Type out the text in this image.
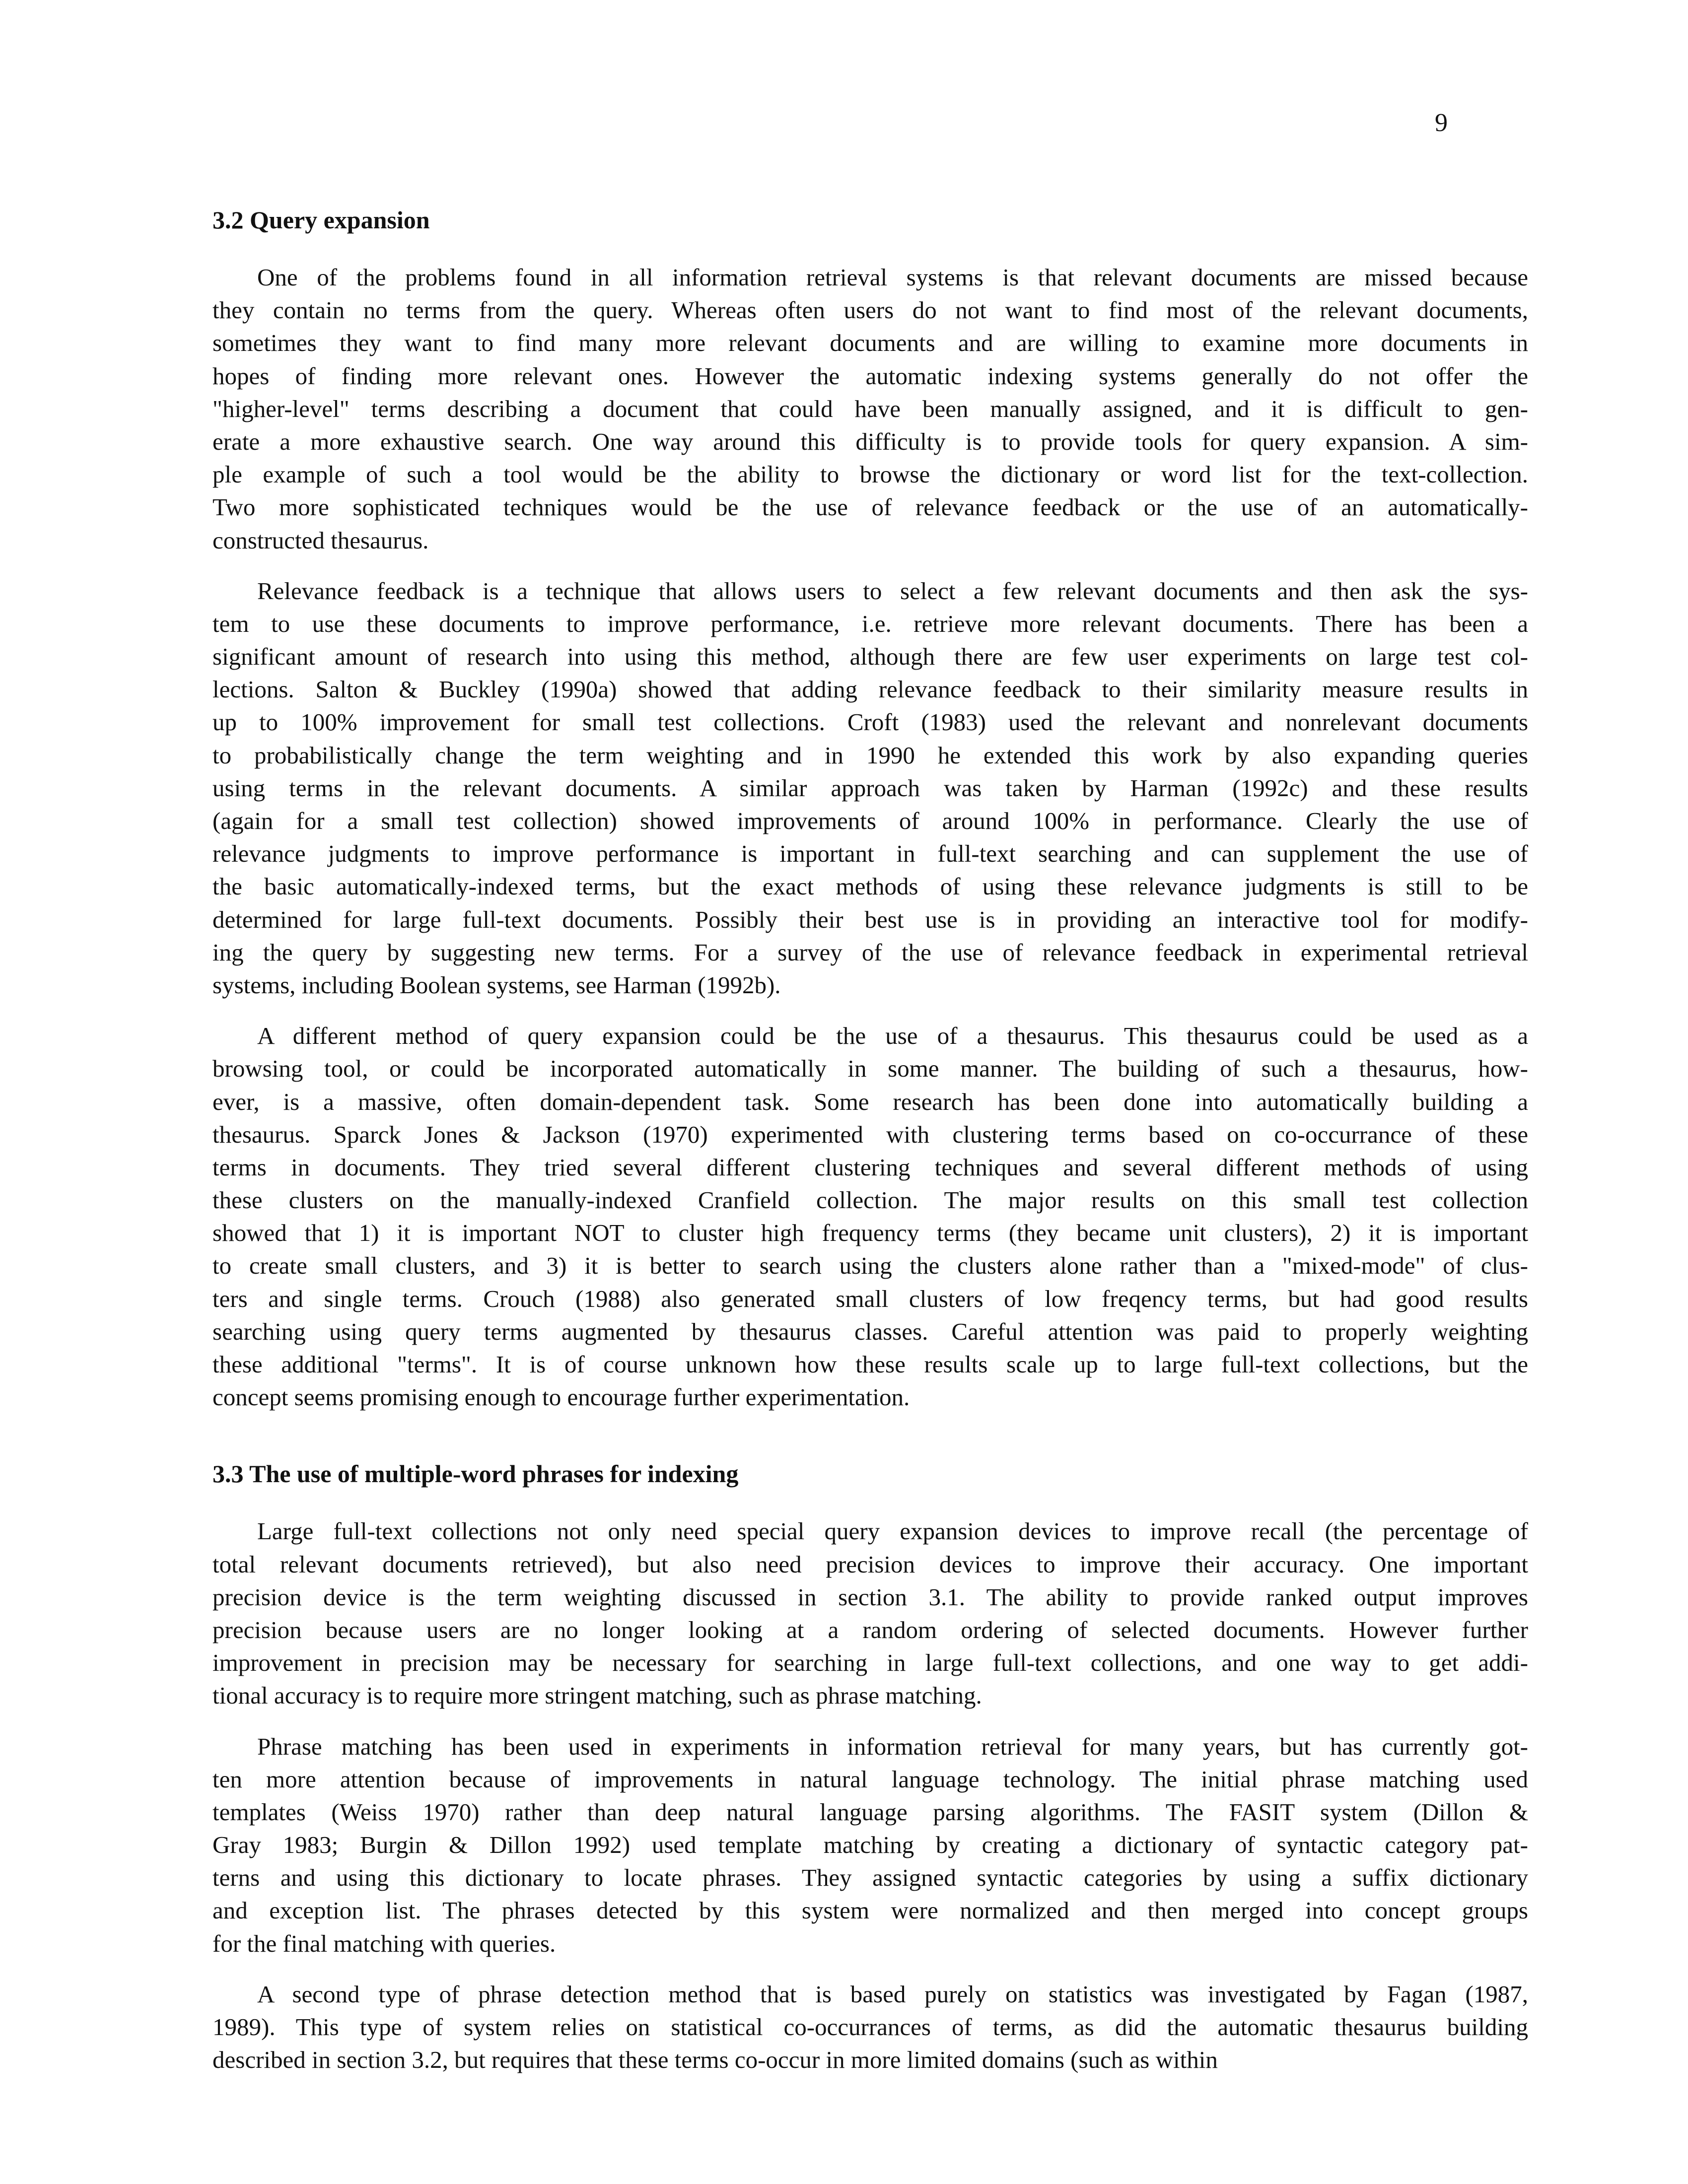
9
3.2 Query expansion
One of the problems found in all information retrieval systems is that relevant documents are missed because
they contain no terms from the query. Whereas often users do not want to find most of the relevant documents,
sometimes they want to find many more relevant documents and are willing to examine more documents in
hopes of finding more relevant ones. However the automatic indexing systems generally do not offer the
"higher-level" terms describing a document that could have been manually assigned, and it is difficult to gen-
erate a more exhaustive search. One way around this difficulty is to provide tools for query expansion. A sim-
ple example of such a tool would be the ability to browse the dictionary or word list for the text-collection.
Two more sophisticated techniques would be the use of relevance feedback or the use of an automatically-
constructed thesaurus.
Relevance feedback is a technique that allows users to select a few relevant documents and then ask the sys-
tem to use these documents to improve performance, i.e. retrieve more relevant documents. There has been a
significant amount of research into using this method, although there are few user experiments on large test col-
lections. Salton & Buckley (1990a) showed that adding relevance feedback to their similarity measure results in
up to 100% improvement for small test collections. Croft (1983) used the relevant and nonrelevant documents
to probabilistically change the term weighting and in 1990 he extended this work by also expanding queries
using terms in the relevant documents. A similar approach was taken by Harman (1992c) and these results
(again for a small test collection) showed improvements of around 100% in performance. Clearly the use of
relevance judgments to improve performance is important in full-text searching and can supplement the use of
the basic automatically-indexed terms, but the exact methods of using these relevance judgments is still to be
determined for large full-text documents. Possibly their best use is in providing an interactive tool for modify-
ing the query by suggesting new terms. For a survey of the use of relevance feedback in experimental retrieval
systems, including Boolean systems, see Harman (1992b).
A different method of query expansion could be the use of a thesaurus. This thesaurus could be used as a
browsing tool, or could be incorporated automatically in some manner. The building of such a thesaurus, how-
ever, is a massive, often domain-dependent task. Some research has been done into automatically building a
thesaurus. Sparck Jones & Jackson (1970) experimented with clustering terms based on co-occurrance of these
terms in documents. They tried several different clustering techniques and several different methods of using
these clusters on the manually-indexed Cranfield collection. The major results on this small test collection
showed that 1) it is important NOT to cluster high frequency terms (they became unit clusters), 2) it is important
to create small clusters, and 3) it is better to search using the clusters alone rather than a "mixed-mode" of clus-
ters and single terms. Crouch (1988) also generated small clusters of low freqency terms, but had good results
searching using query terms augmented by thesaurus classes. Careful attention was paid to properly weighting
these additional "terms". It is of course unknown how these results scale up to large full-text collections, but the
concept seems promising enough to encourage further experimentation.
3.3 The use of multiple-word phrases for indexing
Large full-text collections not only need special query expansion devices to improve recall (the percentage of
total relevant documents retrieved), but also need precision devices to improve their accuracy. One important
precision device is the term weighting discussed in section 3.1. The ability to provide ranked output improves
precision because users are no longer looking at a random ordering of selected documents. However further
improvement in precision may be necessary for searching in large full-text collections, and one way to get addi-
tional accuracy is to require more stringent matching, such as phrase matching.
Phrase matching has been used in experiments in information retrieval for many years, but has currently got-
ten more attention because of improvements in natural language technology. The initial phrase matching used
templates (Weiss 1970) rather than deep natural language parsing algorithms. The FASIT system (Dillon &
Gray 1983; Burgin & Dillon 1992) used template matching by creating a dictionary of syntactic category pat-
terns and using this dictionary to locate phrases. They assigned syntactic categories by using a suffix dictionary
and exception list. The phrases detected by this system were normalized and then merged into concept groups
for the final matching with queries.
A second type of phrase detection method that is based purely on statistics was investigated by Fagan (1987,
1989). This type of system relies on statistical co-occurrances of terms, as did the automatic thesaurus building
described in section 3.2, but requires that these terms co-occur in more limited domains (such as within
